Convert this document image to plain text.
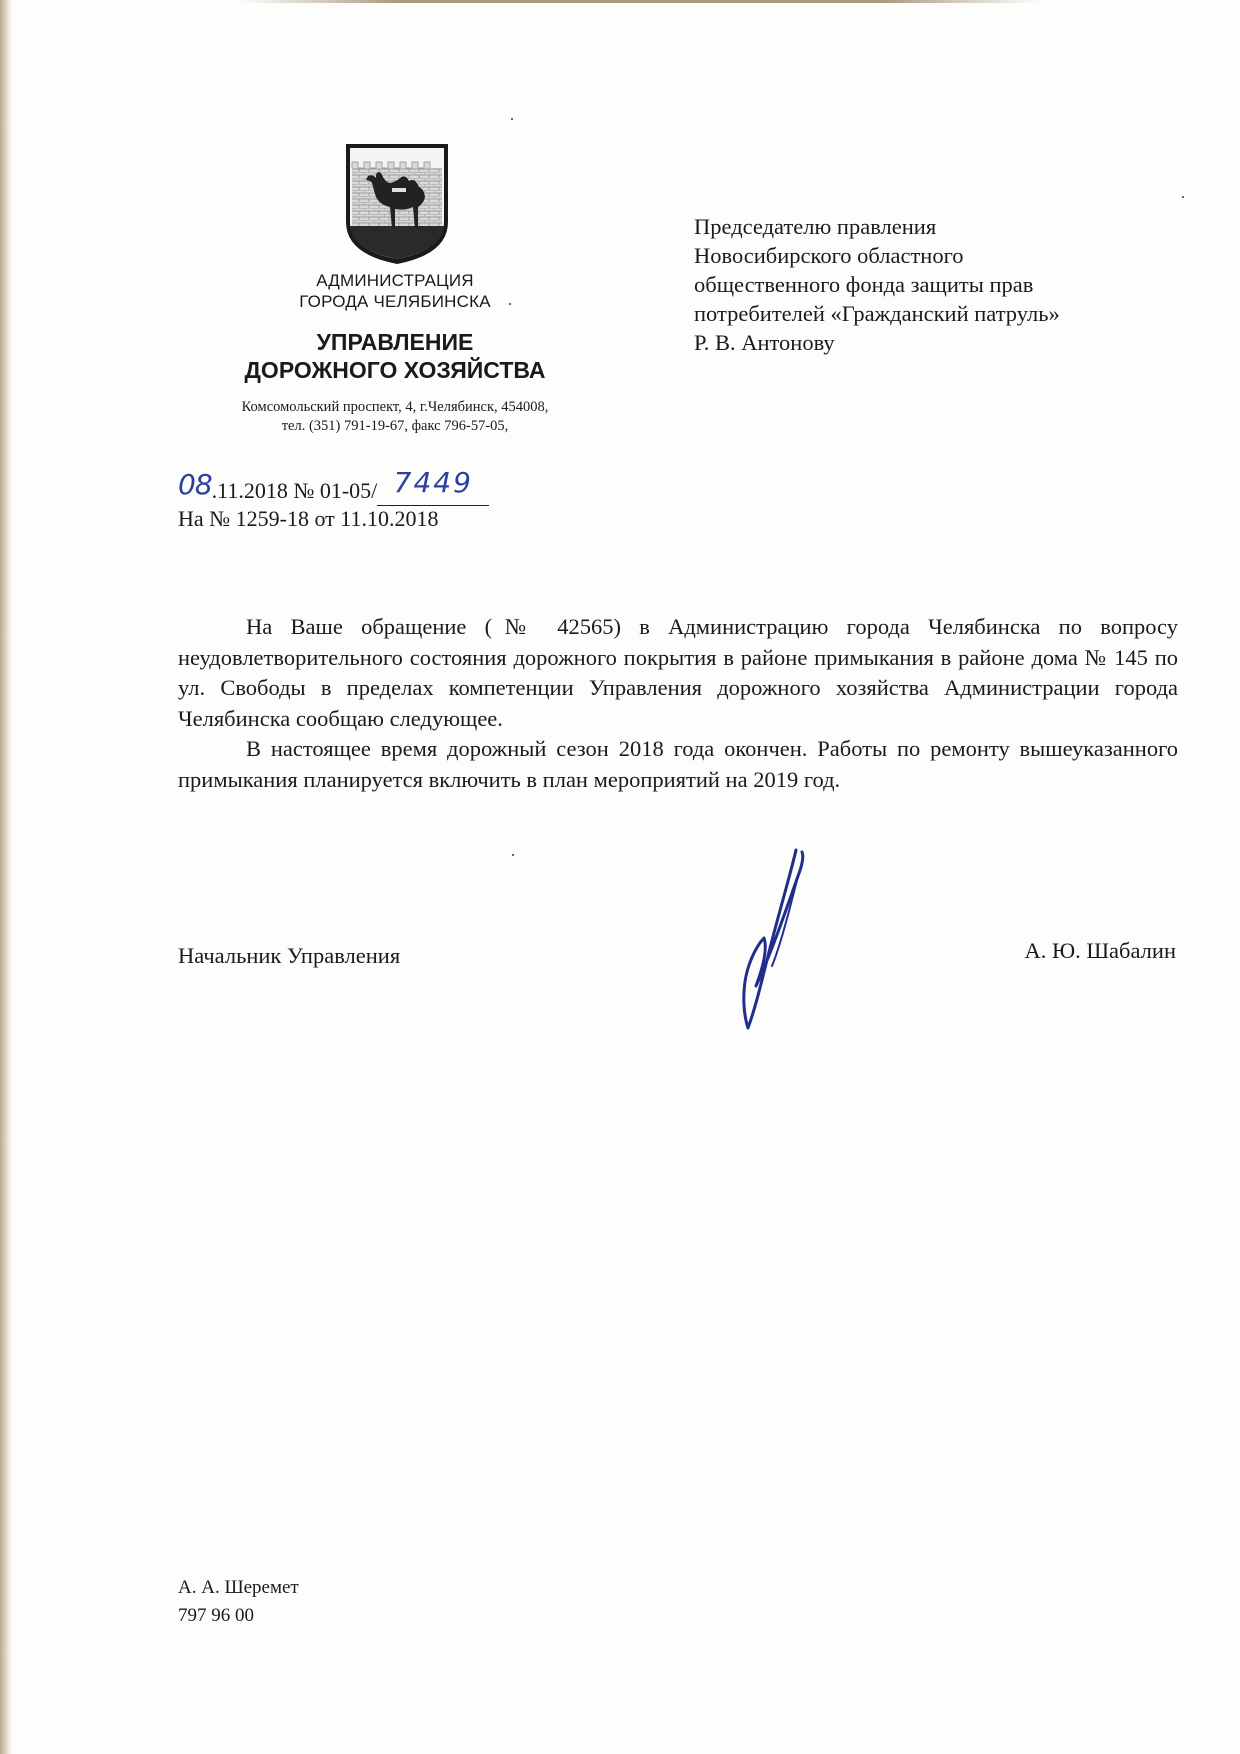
АДМИНИСТРАЦИЯ
ГОРОДА ЧЕЛЯБИНСКА
УПРАВЛЕНИЕ
ДОРОЖНОГО ХОЗЯЙСТВА
Комсомольский проспект, 4, г.Челябинск, 454008,
тел. (351) 791-19-67, факс 796-57-05,
Председателю правления
Новосибирского областного
общественного фонда защиты прав
потребителей «Гражданский патруль»
Р. В. Антонову
08.11.2018 № 01-05/ 7449
На № 1259-18 от 11.10.2018

На Ваше обращение (№ 42565) в Администрацию города Челябинска по вопросу неудовлетворительного состояния дорожного покрытия в районе примыкания в районе дома № 145 по ул. Свободы в пределах компетенции Управления дорожного хозяйства Администрации города Челябинска сообщаю следующее.

В настоящее время дорожный сезон 2018 года окончен. Работы по ремонту вышеуказанного примыкания планируется включить в план мероприятий на 2019 год.

Начальник Управления	А. Ю. Шабалин
А. А. Шеремет
797 96 00
